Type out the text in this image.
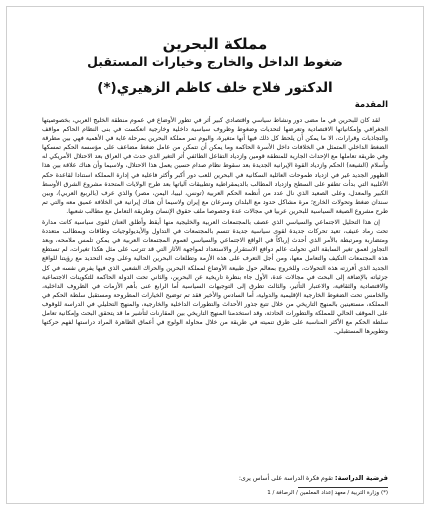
مملكة البحرين
ضغوط الداخل والخارج وخيارات المستقبل
الدكتور فلاح خلف كاظم الزهيري(*)
المقدمة

لقد كان للبحرين في ما مضى دور ونشاط سياسي واقتصادي كبير أثر في تطور الأوضاع في عموم منطقة الخليج العربي، بخصوصيتها الجغرافي وإمكانياتها الاقتصادية وتعرضها لتحديات وضغوط وظروف سياسية داخلية وخارجية انعكست في بنى النظام الحاكم مواقف والتجاذبات وقرارات، الا ما يمكن أن يلحظ كل ذلك فيها أنها متغيرة، واليوم تمر مملكة البحرين بمرحلة غاية في الأهمية فهي بين مطرقة الضغط الداخلي المتمثل في الخلافات داخل الأسرة الحاكمة وما يمكن أن تتمكن من عامل ضغط مضاعف على مؤسسة الحكم تمسكها وفي طريقة تعاملها مع الإحداث الجارية للمنطقة قومين وازدياد التفاعل الطائفي أثر التغير الذي حدث في العراق بعد الاحتلال الأمريكي له وأسلام (الشيعة) الحكم وازدياد القوة الإيرانية الجديدة بعد سقوط نظام صدام حسين يعمل هذا الاحتلال، ولاسيما وأن هناك علاقة بين هذا الظهور الجديد غير في ازدياد طموحات العائلية السكانية في البحرين للعب دور أكبر وأكثر فاعلية في إدارة المملكة استنادا لقاعدة حكم الأغلبية التي بدأت تطفو على السطح وازدياد المطالب بالديمقراطية وتطبيقات آلياتها بعد طرح الولايات المتحدة مشروع الشرق الأوسط الكبير والمعدل، وعلى الصعيد الذي نال عدد من أنظمة الحكم العربية (تونس، ليبيا، اليمن، مصر) والذي عرف (بالربيع العربي)، وبين سندان ضغط وتحولات الخارج؛ مرة مشاكل حدود مع البلدان وسرعان مع إيران ولاسيما أن هناك إيرانية في الخلافة عميق معه والتي تم طرح مشروع الصيغة السياسية للبحرين عربيا في مجالات عدة وحصوصا ملف حقوق الإنسان وطريقة التعامل مع مطالب شعبها.

إن هذا التحليل الاجتماعي والسياسي الذي عصف بالمجتمعات العربية والخليجية منها أيقظ وأطلق العنان لقوى سياسية كانت مدارة تحت رماد عنيف، تعيد تحركات جديدة لقوى سياسية جديدة تتسم بالمجتمعات في التداول والأيديولوجيات وطاقات وبمطالب متعددة ومتضاربة ومرتبطة بالأمر الذي أحدث إرباكاً في الواقع الاجتماعي والسياسي لعموم المجتمعات العربية في يمكن تلمس ملامحه، وبعد التجاوز لعمق تغير السابقة التي تحولت عالم دوافع الاستقرار والاستعداد لمواجهة الآثار التي قد تترتب على مثل هكذا تغيرات، لم تستطع هذه المجتمعات التكيف والتعامل معها، ومن أجل التعرف على هذه الأزمة وتطلعات البحرين الحالية وعلى وجه التحديد مع رؤيتنا للواقع الجديد الذي أفرزته هذه التحولات، وللخروج بمعالم حول طبيعة الأوضاع لمملكة البحرين والحراك الشعبي الذي فيها يفرض نفسه في كل جزئياته بالإضافة إلى البحث في مجالات عدة، الأول جاء بنظرة تاريخية عن البحرين، والثاني تحت الدولة الحاكمة للتكوينات الاجتماعية والاقتصادية والثقافية، والاعتبار التأثير، والثالث تطرق إلى التوجيهات السياسية أما الرابع عنى بأهم الأزمات في الظروف الداخلية، والخامس تحت الضغوط الخارجية الإقليمية والدولية، أما السادس والأخير فقد تم توضيح الخيارات المطروحة ومستقبل سلطة الحكم في المملكة، مستعينين بالمنهج التاريخي من خلال تتبع جذور الأحداث والتطورات الداخلية والخارجية، والمنهج التحليلي في الدراسة للوقوف على الموقف الحالي للمملكة والتطورات الحادثة، وقد استخدمنا المنهج التاريخي بين المقارنات لتأشير ما قد يتحقق البحث وإمكانية تعامل سلطة الحكم مع الأكثر المناسبة على طرق تنميته في طريقة من خلال محاولة الولوج في أعماق الظاهرة المراد دراستها لفهم حركتها وتطويرها المستقبلي.

فرضية الدراسة: تقوم فكرة الدراسة على أساس يرى:
(*) وزارة التربية / معهد إعداد المعلمين / الرصافة / 1
